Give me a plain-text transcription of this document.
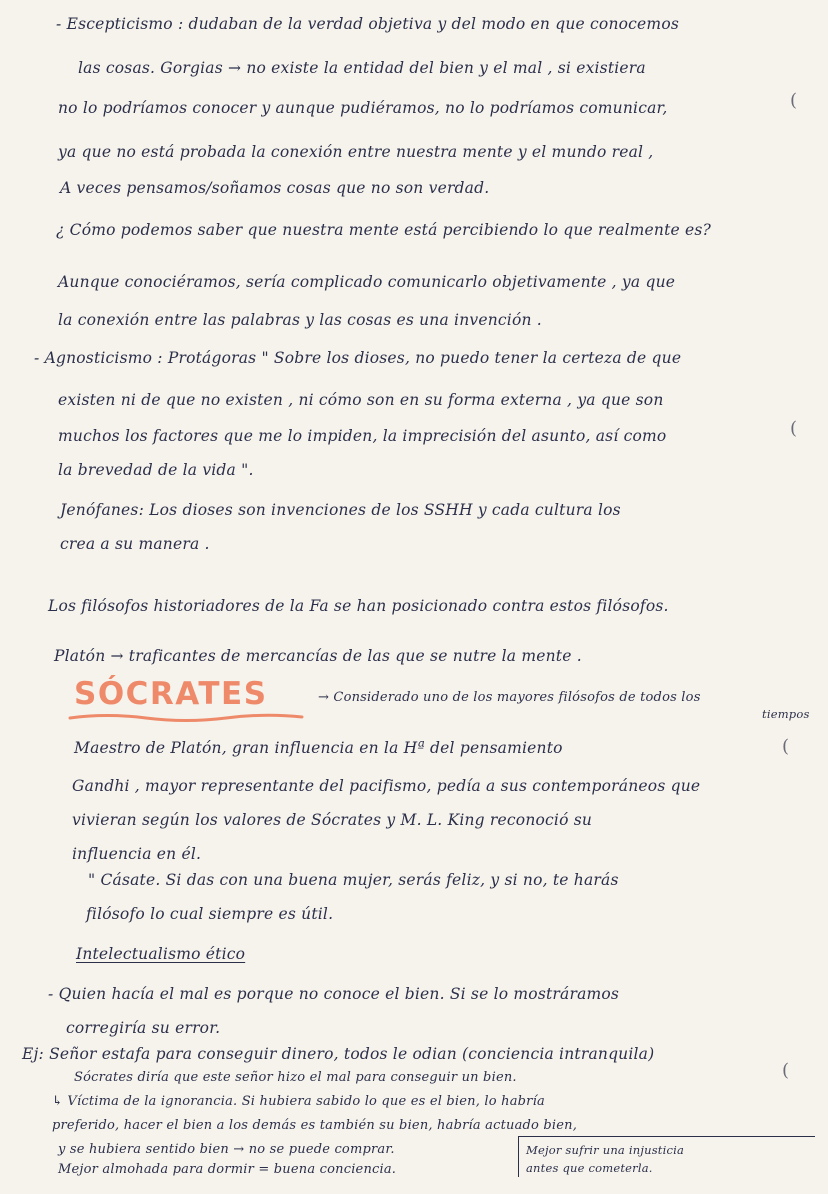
- Escepticismo : dudaban de la verdad objetiva y del modo en que conocemos
las cosas. Gorgias → no existe la entidad del bien y el mal , si existiera
no lo podríamos conocer y aunque pudiéramos, no lo podríamos comunicar,
ya que no está probada la conexión entre nuestra mente y el mundo real ,
A veces pensamos/soñamos cosas que no son verdad.
¿ Cómo podemos saber que nuestra mente está percibiendo lo que realmente es?
Aunque conociéramos, sería complicado comunicarlo objetivamente , ya que
la conexión entre las palabras y las cosas es una invención .
- Agnosticismo : Protágoras " Sobre los dioses, no puedo tener la certeza de que
existen ni de que no existen , ni cómo son en su forma externa , ya que son
muchos los factores que me lo impiden, la imprecisión del asunto, así como
la brevedad de la vida ".
Jenófanes: Los dioses son invenciones de los SSHH y cada cultura los
crea a su manera .
Los filósofos historiadores de la Fa se han posicionado contra estos filósofos.
Platón → traficantes de mercancías de las que se nutre la mente .
SÓCRATES	→ Considerado uno de los mayores filósofos de todos los
tiempos
Maestro de Platón, gran influencia en la Hª del pensamiento
Gandhi , mayor representante del pacifismo, pedía a sus contemporáneos que
vivieran según los valores de Sócrates y M. L. King reconoció su
influencia en él.
" Cásate. Si das con una buena mujer, serás feliz, y si no, te harás
filósofo lo cual siempre es útil.
Intelectualismo ético
- Quien hacía el mal es porque no conoce el bien. Si se lo mostráramos
corregiría su error.
Ej: Señor estafa para conseguir dinero, todos le odian (conciencia intranquila)
Sócrates diría que este señor hizo el mal para conseguir un bien.
↳ Víctima de la ignorancia. Si hubiera sabido lo que es el bien, lo habría
preferido, hacer el bien a los demás es también su bien, habría actuado bien,
y se hubiera sentido bien → no se puede comprar.
Mejor almohada para dormir = buena conciencia.
Mejor sufrir una injusticia
antes que cometerla.
(
(
(
(
